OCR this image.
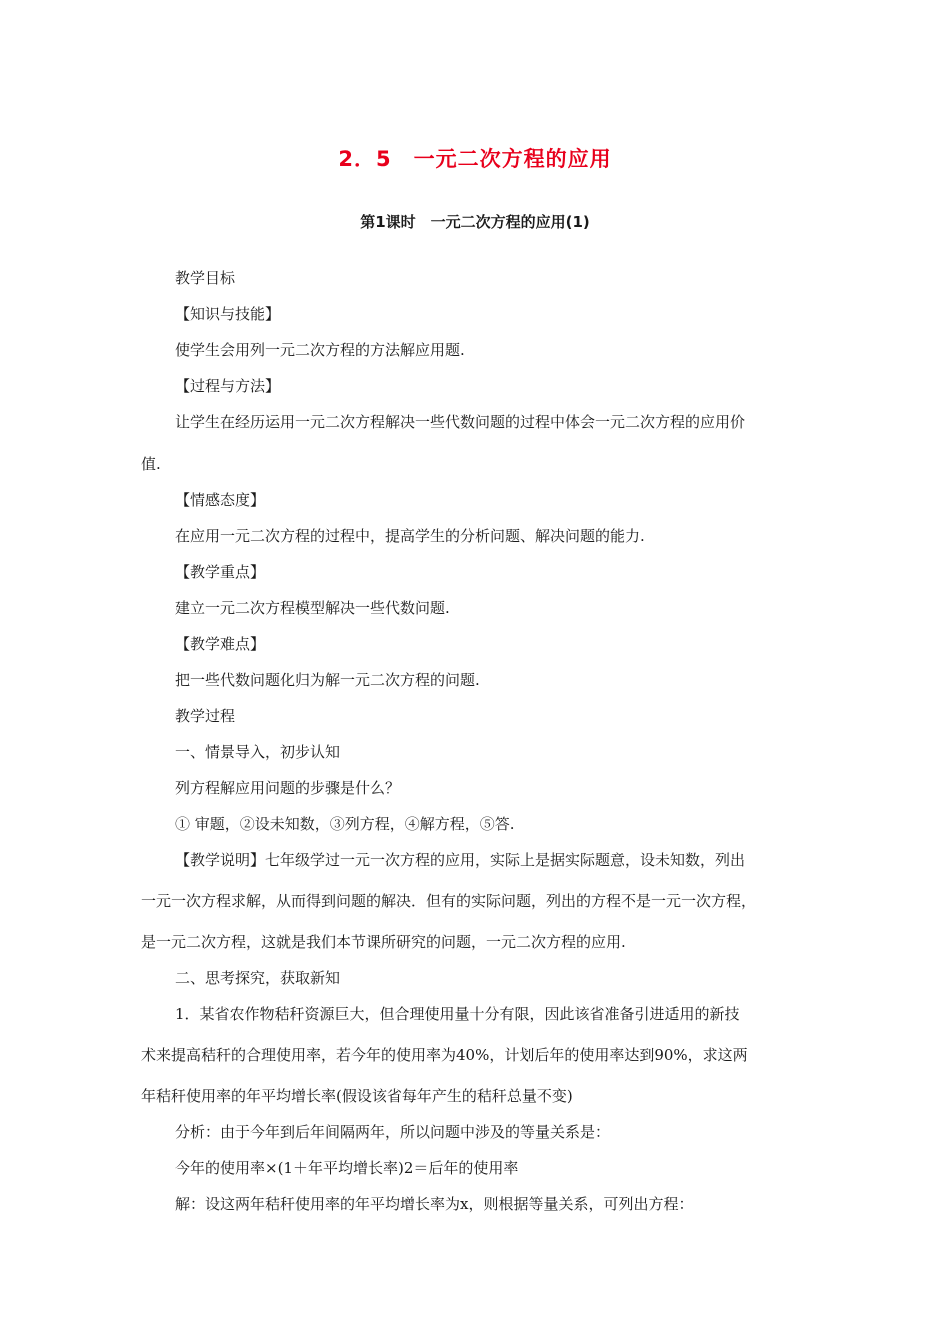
2．5　一元二次方程的应用
第1课时　一元二次方程的应用(1)
教学目标
【知识与技能】
使学生会用列一元二次方程的方法解应用题.
【过程与方法】
让学生在经历运用一元二次方程解决一些代数问题的过程中体会一元二次方程的应用价
值.
【情感态度】
在应用一元二次方程的过程中，提高学生的分析问题、解决问题的能力.
【教学重点】
建立一元二次方程模型解决一些代数问题.
【教学难点】
把一些代数问题化归为解一元二次方程的问题.
教学过程
一、情景导入，初步认知
列方程解应用问题的步骤是什么？
① 审题，②设未知数，③列方程，④解方程，⑤答.
【教学说明】七年级学过一元一次方程的应用，实际上是据实际题意，设未知数，列出
一元一次方程求解，从而得到问题的解决．但有的实际问题，列出的方程不是一元一次方程，
是一元二次方程，这就是我们本节课所研究的问题，一元二次方程的应用.
二、思考探究，获取新知
1．某省农作物秸秆资源巨大，但合理使用量十分有限，因此该省准备引进适用的新技
术来提高秸秆的合理使用率，若今年的使用率为40%，计划后年的使用率达到90%，求这两
年秸秆使用率的年平均增长率(假设该省每年产生的秸秆总量不变)
分析：由于今年到后年间隔两年，所以问题中涉及的等量关系是：
今年的使用率×(1＋年平均增长率)2＝后年的使用率
解：设这两年秸秆使用率的年平均增长率为x，则根据等量关系，可列出方程：
